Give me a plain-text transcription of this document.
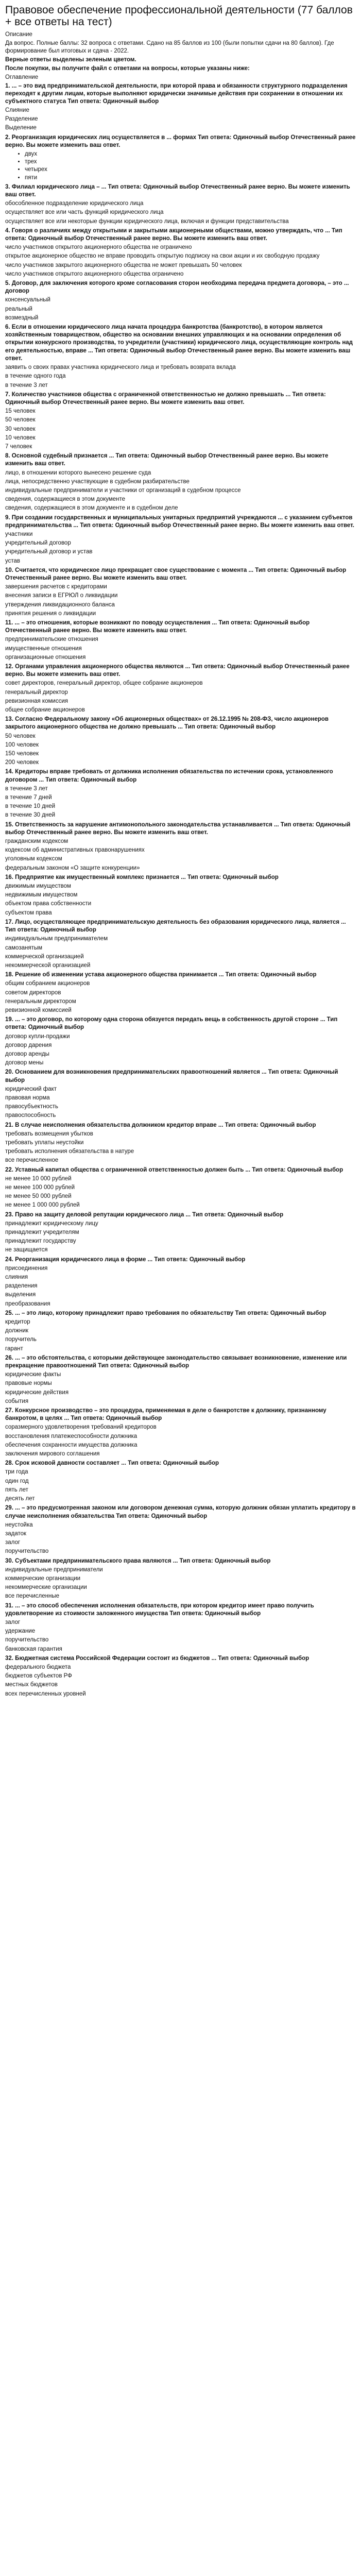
Правовое обеспечение профессиональной деятельности (77 баллов + все ответы на тест)

Описание

Да вопрос. Полные баллы: 32 вопроса с ответами. Сдано на 85 баллов из 100 (были попытки сдачи на 80 баллов). Где формирование был итоговых и сдача - 2022.

Верные ответы выделены зеленым цветом.

После покупки, вы получите файл с ответами на вопросы, которые указаны ниже:

Оглавление

1. ... – это вид предпринимательской деятельности, при которой права и обязанности структурного подразделения переходят к другим лицам, которые выполняют юридически значимые действия при сохранении в отношении их субъектного статуса Тип ответа: Одиночный выбор

Слияние

Разделение

Выделение

2. Реорганизация юридических лиц осуществляется в ... формах Тип ответа: Одиночный выбор Отечественный ранее верно. Вы можете изменить ваш ответ.

• двух
• трех
• четырех
• пяти

3. Филиал юридического лица – ... Тип ответа: Одиночный выбор Отечественный ранее верно. Вы можете изменить ваш ответ.

обособленное подразделение юридического лица

осуществляет все или часть функций юридического лица

осуществляет все или некоторые функции юридического лица, включая и функции представительства

4. Говоря о различиях между открытыми и закрытыми акционерными обществами, можно утверждать, что ... Тип ответа: Одиночный выбор Отечественный ранее верно. Вы можете изменить ваш ответ.

число участников открытого акционерного общества не ограничено

открытое акционерное общество не вправе проводить открытую подписку на свои акции и их свободную продажу

число участников закрытого акционерного общества не может превышать 50 человек

число участников открытого акционерного общества ограничено

5. Договор, для заключения которого кроме согласования сторон необходима передача предмета договора, – это ... договор

консенсуальный

реальный

возмездный

6. Если в отношении юридического лица начата процедура банкротства (банкротство), в котором является хозяйственным товариществом, общество на основании внешних управляющих и на основании определения об открытии конкурсного производства, то учредители (участники) юридического лица, осуществляющие контроль над его деятельностью, вправе ... Тип ответа: Одиночный выбор Отечественный ранее верно. Вы можете изменить ваш ответ.

заявить о своих правах участника юридического лица и требовать возврата вклада

в течение одного года

в течение 3 лет

7. Количество участников общества с ограниченной ответственностью не должно превышать ... Тип ответа: Одиночный выбор Отечественный ранее верно. Вы можете изменить ваш ответ.

15 человек

50 человек

30 человек

10 человек

7 человек

8. Основной судебный признается ... Тип ответа: Одиночный выбор Отечественный ранее верно. Вы можете изменить ваш ответ.

лицо, в отношении которого вынесено решение суда

лица, непосредственно участвующие в судебном разбирательстве

индивидуальные предприниматели и участники от организаций в судебном процессе

сведения, содержащиеся в этом документе

сведения, содержащиеся в этом документе и в судебном деле

9. При создании государственных и муниципальных унитарных предприятий учреждаются ... с указанием субъектов предпринимательства ... Тип ответа: Одиночный выбор Отечественный ранее верно. Вы можете изменить ваш ответ.

участники

учредительный договор

учредительный договор и устав

устав

10. Считается, что юридическое лицо прекращает свое существование с момента ... Тип ответа: Одиночный выбор Отечественный ранее верно. Вы можете изменить ваш ответ.

завершения расчетов с кредиторами

внесения записи в ЕГРЮЛ о ликвидации

утверждения ликвидационного баланса

принятия решения о ликвидации

11. ... – это отношения, которые возникают по поводу осуществления ... Тип ответа: Одиночный выбор Отечественный ранее верно. Вы можете изменить ваш ответ.

предпринимательские отношения

имущественные отношения

организационные отношения

12. Органами управления акционерного общества являются ... Тип ответа: Одиночный выбор Отечественный ранее верно. Вы можете изменить ваш ответ.

совет директоров, генеральный директор, общее собрание акционеров

генеральный директор

ревизионная комиссия

общее собрание акционеров

13. Согласно Федеральному закону «Об акционерных обществах» от 26.12.1995 № 208-ФЗ, число акционеров закрытого акционерного общества не должно превышать ... Тип ответа: Одиночный выбор

50 человек

100 человек

150 человек

200 человек

14. Кредиторы вправе требовать от должника исполнения обязательства по истечении срока, установленного договором ... Тип ответа: Одиночный выбор

в течение 3 лет

в течение 7 дней

в течение 10 дней

в течение 30 дней

15. Ответственность за нарушение антимонопольного законодательства устанавливается ... Тип ответа: Одиночный выбор Отечественный ранее верно. Вы можете изменить ваш ответ.

гражданским кодексом

кодексом об административных правонарушениях

уголовным кодексом

федеральным законом «О защите конкуренции»

16. Предприятие как имущественный комплекс признается ... Тип ответа: Одиночный выбор

движимым имуществом

недвижимым имуществом

объектом права собственности

субъектом права

17. Лицо, осуществляющее предпринимательскую деятельность без образования юридического лица, является ... Тип ответа: Одиночный выбор

индивидуальным предпринимателем

самозанятым

коммерческой организацией

некоммерческой организацией

18. Решение об изменении устава акционерного общества принимается ... Тип ответа: Одиночный выбор

общим собранием акционеров

советом директоров

генеральным директором

ревизионной комиссией

19. ... – это договор, по которому одна сторона обязуется передать вещь в собственность другой стороне ... Тип ответа: Одиночный выбор

договор купли-продажи

договор дарения

договор аренды

договор мены

20. Основанием для возникновения предпринимательских правоотношений является ... Тип ответа: Одиночный выбор

юридический факт

правовая норма

правосубъектность

правоспособность

21. В случае неисполнения обязательства должником кредитор вправе ... Тип ответа: Одиночный выбор

требовать возмещения убытков

требовать уплаты неустойки

требовать исполнения обязательства в натуре

все перечисленное

22. Уставный капитал общества с ограниченной ответственностью должен быть ... Тип ответа: Одиночный выбор

не менее 10 000 рублей

не менее 100 000 рублей

не менее 50 000 рублей

не менее 1 000 000 рублей

23. Право на защиту деловой репутации юридического лица ... Тип ответа: Одиночный выбор

принадлежит юридическому лицу

принадлежит учредителям

принадлежит государству

не защищается

24. Реорганизация юридического лица в форме ... Тип ответа: Одиночный выбор

присоединения

слияния

разделения

выделения

преобразования

25. ... – это лицо, которому принадлежит право требования по обязательству Тип ответа: Одиночный выбор

кредитор

должник

поручитель

гарант

26. ... – это обстоятельства, с которыми действующее законодательство связывает возникновение, изменение или прекращение правоотношений Тип ответа: Одиночный выбор

юридические факты

правовые нормы

юридические действия

события

27. Конкурсное производство – это процедура, применяемая в деле о банкротстве к должнику, признанному банкротом, в целях ... Тип ответа: Одиночный выбор

соразмерного удовлетворения требований кредиторов

восстановления платежеспособности должника

обеспечения сохранности имущества должника

заключения мирового соглашения

28. Срок исковой давности составляет ... Тип ответа: Одиночный выбор

три года

один год

пять лет

десять лет

29. ... – это предусмотренная законом или договором денежная сумма, которую должник обязан уплатить кредитору в случае неисполнения обязательства Тип ответа: Одиночный выбор

неустойка

задаток

залог

поручительство

30. Субъектами предпринимательского права являются ... Тип ответа: Одиночный выбор

индивидуальные предприниматели

коммерческие организации

некоммерческие организации

все перечисленные

31. ... – это способ обеспечения исполнения обязательств, при котором кредитор имеет право получить удовлетворение из стоимости заложенного имущества Тип ответа: Одиночный выбор

залог

удержание

поручительство

банковская гарантия

32. Бюджетная система Российской Федерации состоит из бюджетов ... Тип ответа: Одиночный выбор

федерального бюджета

бюджетов субъектов РФ

местных бюджетов

всех перечисленных уровней
